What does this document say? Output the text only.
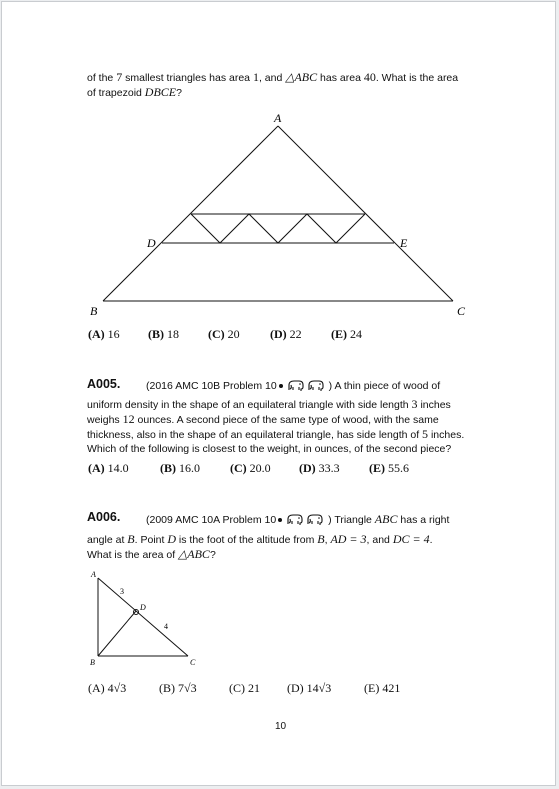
of the 7 smallest triangles has area 1, and △ABC has area 40. What is the area
of trapezoid DBCE?
A
B	C
D	E
(A) 16 (B) 18 (C) 20	(D) 22 (E) 24
A005. (2016 AMC 10B Problem 10	) A thin piece of wood of
uniform density in the shape of an equilateral triangle with side length 3 inches
weighs 12 ounces. A second piece of the same type of wood, with the same
thickness, also in the shape of an equilateral triangle, has side length of 5 inches.
Which of the following is closest to the weight, in ounces, of the second piece?
(A) 14.0	(B) 16.0	(C) 20.0 (D) 33.3 (E) 55.6
A006. (2009 AMC 10A Problem 10	) Triangle ABC has a right
angle at B. Point D is the foot of the altitude from B, AD = 3, and DC = 4.
What is the area of △ABC?
A
B	C
D
3
4
(A) 4√3	(B) 7√3	(C) 21 (D) 14√3	(E) 421
10
